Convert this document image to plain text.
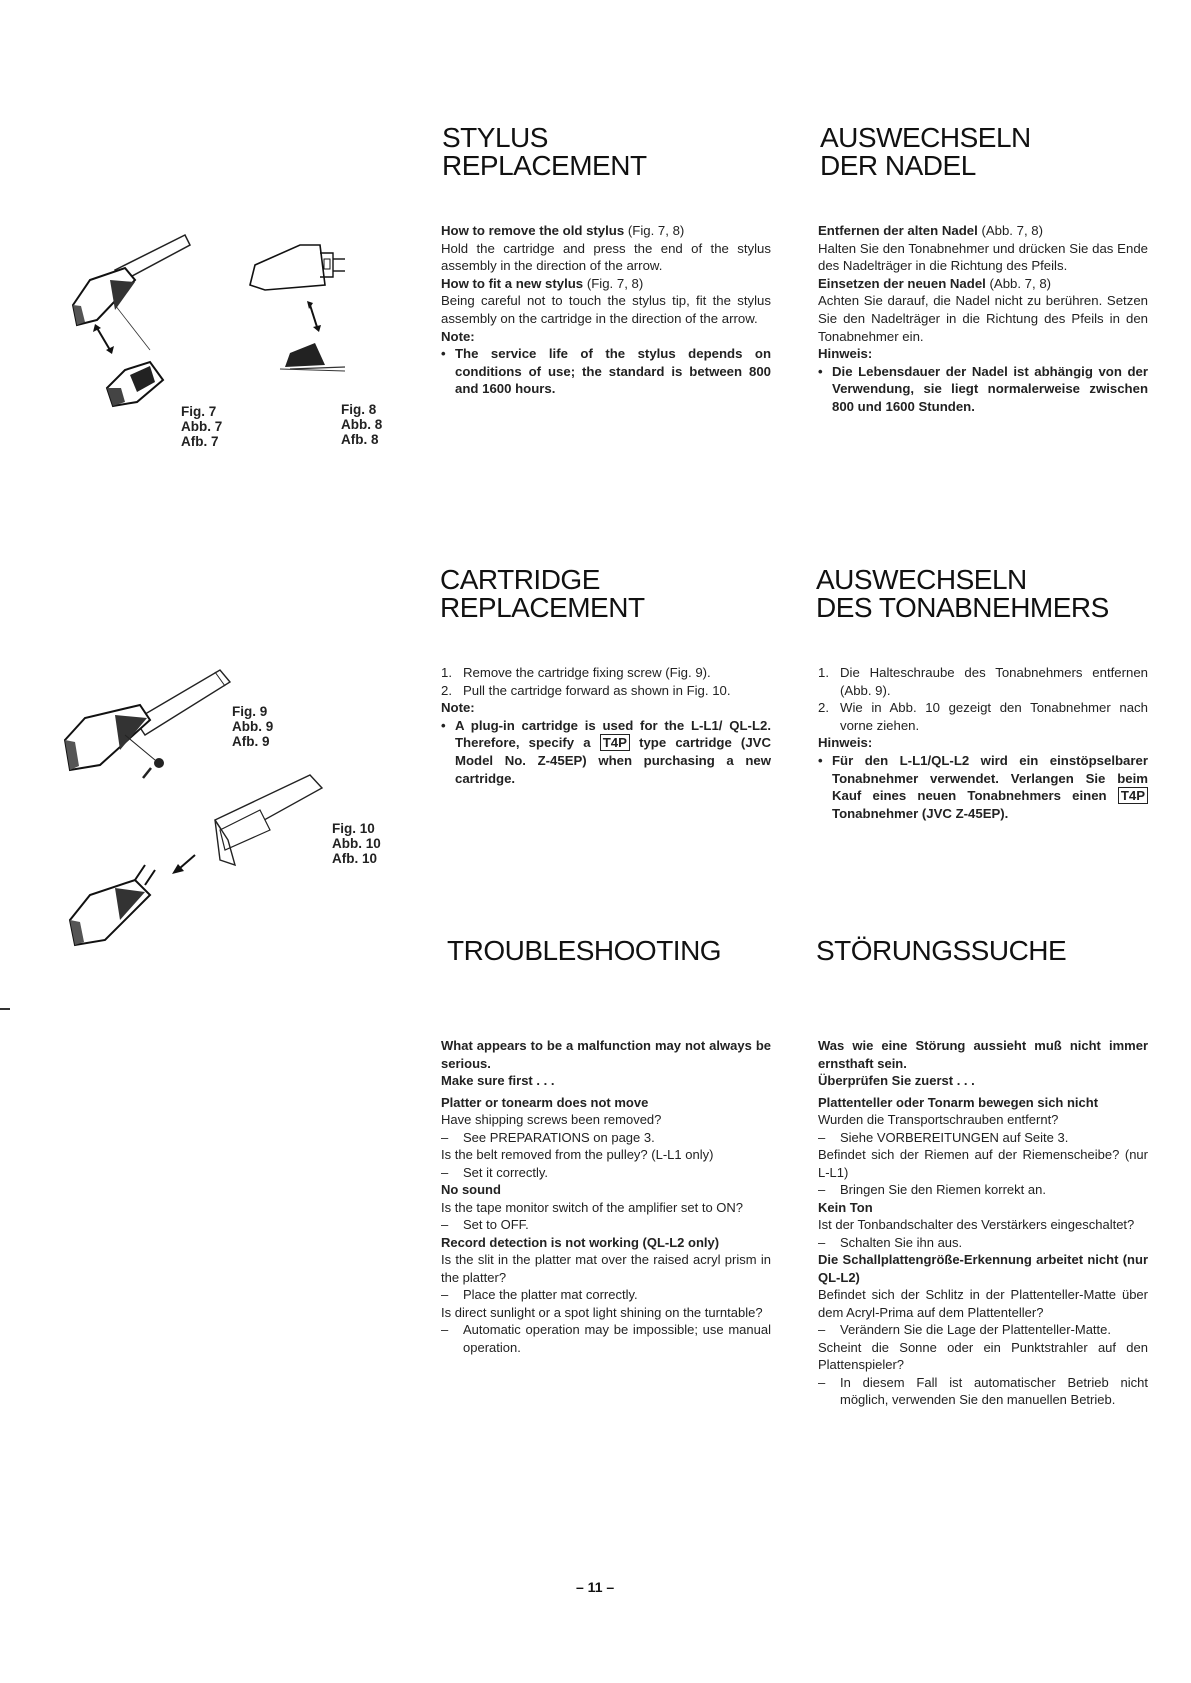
STYLUS
REPLACEMENT

How to remove the old stylus (Fig. 7, 8)

Hold the cartridge and press the end of the stylus assembly in the direction of the arrow.

How to fit a new stylus (Fig. 7, 8)

Being careful not to touch the stylus tip, fit the stylus assembly on the cartridge in the direction of the arrow.

Note:

• The service life of the stylus depends on conditions of use; the standard is between 800 and 1600 hours.
AUSWECHSELN
DER NADEL

Entfernen der alten Nadel (Abb. 7, 8)

Halten Sie den Tonabnehmer und drücken Sie das Ende des Nadelträger in die Richtung des Pfeils.

Einsetzen der neuen Nadel (Abb. 7, 8)

Achten Sie darauf, die Nadel nicht zu berühren. Setzen Sie den Nadelträger in die Richtung des Pfeils in den Tonabnehmer ein.

Hinweis:

• Die Lebensdauer der Nadel ist abhängig von der Verwendung, sie liegt normalerweise zwischen 800 und 1600 Stunden.
Fig. 7
Abb. 7
Afb. 7
Fig. 8
Abb. 8
Afb. 8
CARTRIDGE
REPLACEMENT
1. Remove the cartridge fixing screw (Fig. 9).
2. Pull the cartridge forward as shown in Fig. 10.

Note:

• A plug-in cartridge is used for the L-L1/ QL-L2. Therefore, specify a T4P type cartridge (JVC Model No. Z-45EP) when purchasing a new cartridge.
AUSWECHSELN
DES TONABNEHMERS
1. Die Halteschraube des Tonabnehmers entfernen (Abb. 9).
2. Wie in Abb. 10 gezeigt den Tonabnehmer nach vorne ziehen.

Hinweis:

• Für den L-L1/QL-L2 wird ein einstöpselbarer Tonabnehmer verwendet. Verlangen Sie beim Kauf eines neuen Tonabnehmers einen T4P Tonabnehmer (JVC Z-45EP).
Fig. 9
Abb. 9
Afb. 9
Fig. 10
Abb. 10
Afb. 10
TROUBLESHOOTING

What appears to be a malfunction may not always be serious.

Make sure first . . .

Platter or tonearm does not move

Have shipping screws been removed?

– See PREPARATIONS on page 3.

Is the belt removed from the pulley? (L-L1 only)

– Set it correctly.

No sound

Is the tape monitor switch of the amplifier set to ON?

– Set to OFF.

Record detection is not working (QL-L2 only)

Is the slit in the platter mat over the raised acryl prism in the platter?

– Place the platter mat correctly.

Is direct sunlight or a spot light shining on the turntable?

– Automatic operation may be impossible; use manual operation.

STÖRUNGSSUCHE

Was wie eine Störung aussieht muß nicht immer ernsthaft sein.

Überprüfen Sie zuerst . . .

Plattenteller oder Tonarm bewegen sich nicht

Wurden die Transportschrauben entfernt?

– Siehe VORBEREITUNGEN auf Seite 3.

Befindet sich der Riemen auf der Riemenscheibe? (nur L-L1)

– Bringen Sie den Riemen korrekt an.

Kein Ton

Ist der Tonbandschalter des Verstärkers eingeschaltet?

– Schalten Sie ihn aus.

Die Schallplattengröße-Erkennung arbeitet nicht (nur QL-L2)

Befindet sich der Schlitz in der Plattenteller-Matte über dem Acryl-Prima auf dem Plattenteller?

– Verändern Sie die Lage der Plattenteller-Matte.

Scheint die Sonne oder ein Punktstrahler auf den Plattenspieler?

– In diesem Fall ist automatischer Betrieb nicht möglich, verwenden Sie den manuellen Betrieb.

– 11 –
